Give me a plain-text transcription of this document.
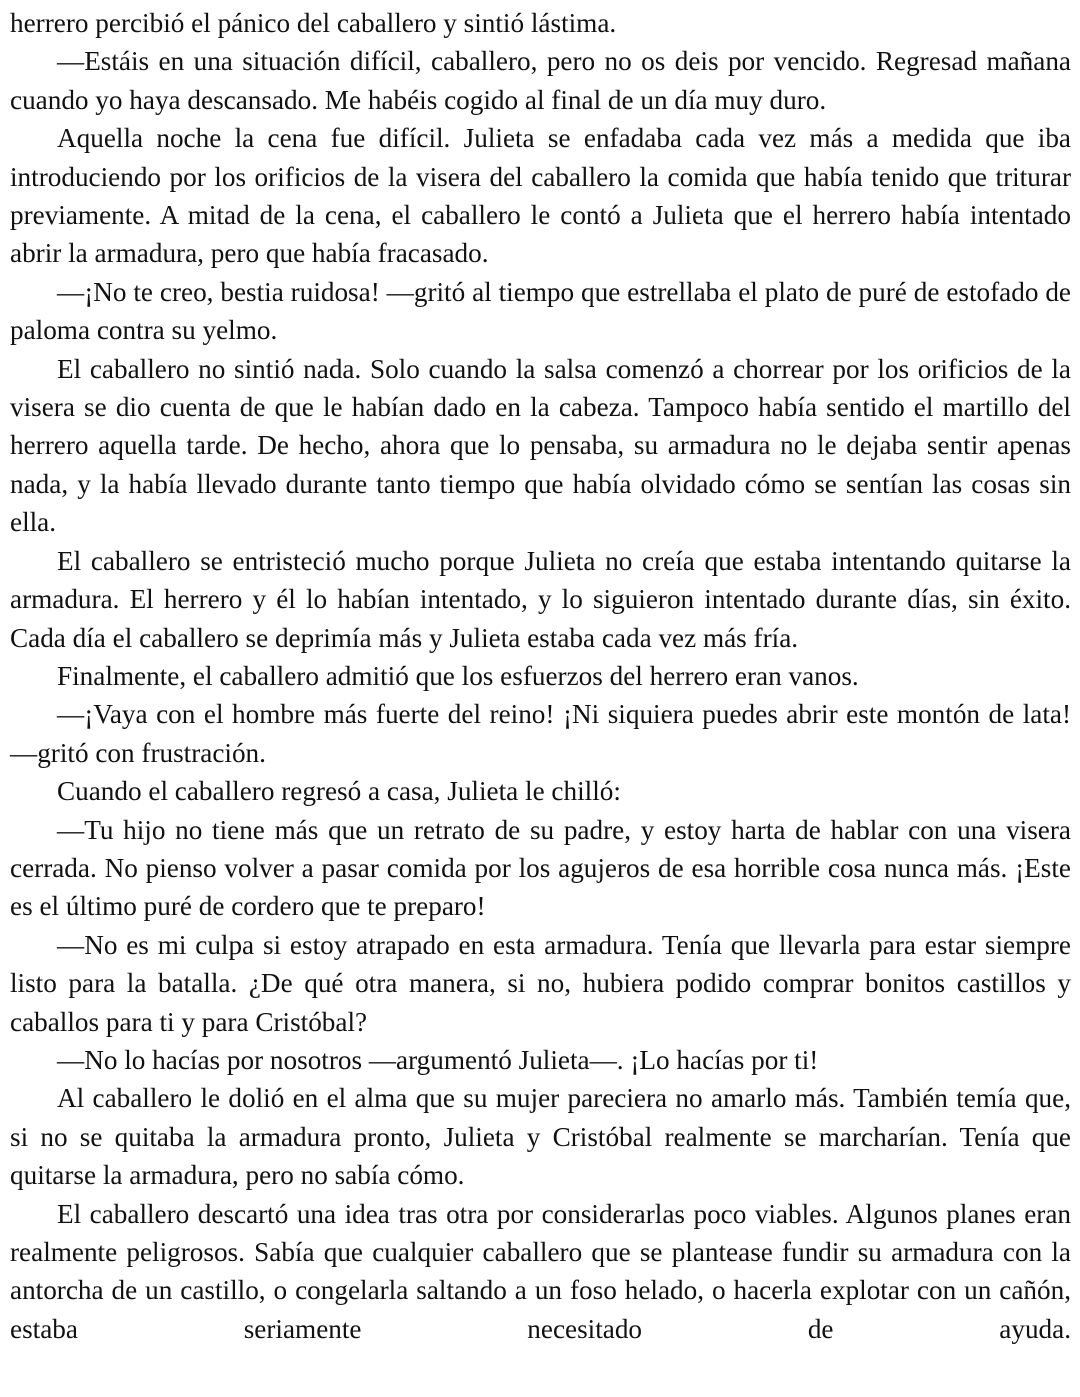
herrero percibió el pánico del caballero y sintió lástima.

—Estáis en una situación difícil, caballero, pero no os deis por vencido. Regresad mañana cuando yo haya descansado. Me habéis cogido al final de un día muy duro.

Aquella noche la cena fue difícil. Julieta se enfadaba cada vez más a medida que iba introduciendo por los orificios de la visera del caballero la comida que había tenido que triturar previamente. A mitad de la cena, el caballero le contó a Julieta que el herrero había intentado abrir la armadura, pero que había fracasado.

—¡No te creo, bestia ruidosa! —gritó al tiempo que estrellaba el plato de puré de estofado de paloma contra su yelmo.

El caballero no sintió nada. Solo cuando la salsa comenzó a chorrear por los orificios de la visera se dio cuenta de que le habían dado en la cabeza. Tampoco había sentido el martillo del herrero aquella tarde. De hecho, ahora que lo pensaba, su armadura no le dejaba sentir apenas nada, y la había llevado durante tanto tiempo que había olvidado cómo se sentían las cosas sin ella.

El caballero se entristeció mucho porque Julieta no creía que estaba intentando quitarse la armadura. El herrero y él lo habían intentado, y lo siguieron intentado durante días, sin éxito. Cada día el caballero se deprimía más y Julieta estaba cada vez más fría.

Finalmente, el caballero admitió que los esfuerzos del herrero eran vanos.

—¡Vaya con el hombre más fuerte del reino! ¡Ni siquiera puedes abrir este montón de lata! —gritó con frustración.

Cuando el caballero regresó a casa, Julieta le chilló:

—Tu hijo no tiene más que un retrato de su padre, y estoy harta de hablar con una visera cerrada. No pienso volver a pasar comida por los agujeros de esa horrible cosa nunca más. ¡Este es el último puré de cordero que te preparo!

—No es mi culpa si estoy atrapado en esta armadura. Tenía que llevarla para estar siempre listo para la batalla. ¿De qué otra manera, si no, hubiera podido comprar bonitos castillos y caballos para ti y para Cristóbal?

—No lo hacías por nosotros —argumentó Julieta—. ¡Lo hacías por ti!

Al caballero le dolió en el alma que su mujer pareciera no amarlo más. También temía que, si no se quitaba la armadura pronto, Julieta y Cristóbal realmente se marcharían. Tenía que quitarse la armadura, pero no sabía cómo.

El caballero descartó una idea tras otra por considerarlas poco viables. Algunos planes eran realmente peligrosos. Sabía que cualquier caballero que se plantease fundir su armadura con la antorcha de un castillo, o congelarla saltando a un foso helado, o hacerla explotar con un cañón, estaba seriamente necesitado de ayuda.
